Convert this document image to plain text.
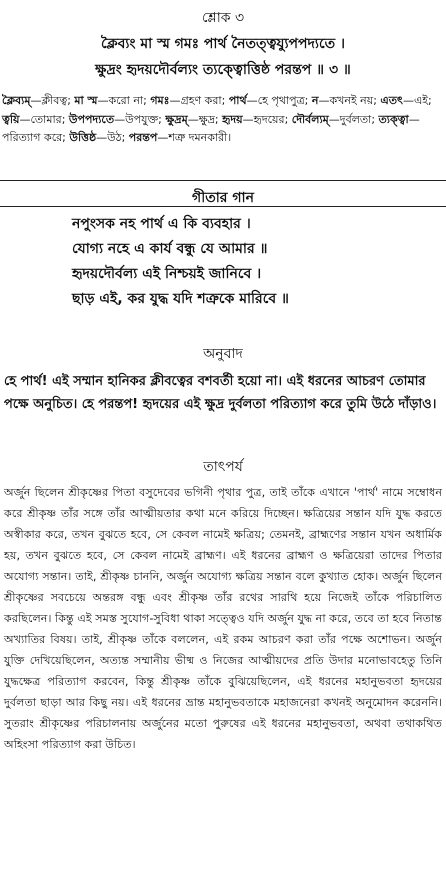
শ্লোক ৩
ক্লৈব্যং মা স্ম গমঃ পার্থ নৈতত্ত্বয্যুপপদ্যতে ।
ক্ষুদ্রং হৃদয়দৌর্বল্যং ত্যক্ত্বোত্তিষ্ঠ পরন্তপ ॥ ৩ ॥
ক্লৈব্যম্—ক্লীবত্ব; মা স্ম—করো না; গমঃ—গ্রহণ করা; পার্থ—হে পৃথাপুত্র; ন—কখনই নয়; এতৎ—এই; ত্বয়ি—তোমার; উপপদ্যতে—উপযুক্ত; ক্ষুদ্রম্—ক্ষুদ্র; হৃদয়—হৃদয়ের; দৌর্বল্যম্—দুর্বলতা; ত্যক্ত্বা—পরিত্যাগ করে; উত্তিষ্ঠ—উঠ; পরন্তপ—শত্রু দমনকারী।
গীতার গান
নপুংসক নহ পার্থ এ কি ব্যবহার ।
যোগ্য নহে এ কার্য বন্ধু যে আমার ॥
হৃদয়দৌর্বল্য এই নিশ্চয়ই জানিবে ।
ছাড় এই, কর যুদ্ধ যদি শত্রুকে মারিবে ॥
অনুবাদ
হে পার্থ! এই সম্মান হানিকর ক্লীবত্বের বশবর্তী হয়ো না। এই ধরনের আচরণ তোমার পক্ষে অনুচিত। হে পরন্তপ! হৃদয়ের এই ক্ষুদ্র দুর্বলতা পরিত্যাগ করে তুমি উঠে দাঁড়াও।
তাৎপর্য
অর্জুন ছিলেন শ্রীকৃষ্ণের পিতা বসুদেবের ভগিনী পৃথার পুত্র, তাই তাঁকে এখানে 'পার্থ' নামে সম্বোধন করে শ্রীকৃষ্ণ তাঁর সঙ্গে তাঁর আত্মীয়তার কথা মনে করিয়ে দিচ্ছেন। ক্ষত্রিয়ের সন্তান যদি যুদ্ধ করতে অস্বীকার করে, তখন বুঝতে হবে, সে কেবল নামেই ক্ষত্রিয়; তেমনই, ব্রাহ্মণের সন্তান যখন অধার্মিক হয়, তখন বুঝতে হবে, সে কেবল নামেই ব্রাহ্মণ। এই ধরনের ব্রাহ্মণ ও ক্ষত্রিয়েরা তাদের পিতার অযোগ্য সন্তান। তাই, শ্রীকৃষ্ণ চাননি, অর্জুন অযোগ্য ক্ষত্রিয় সন্তান বলে কুখ্যাত হোক। অর্জুন ছিলেন শ্রীকৃষ্ণের সবচেয়ে অন্তরঙ্গ বন্ধু এবং শ্রীকৃষ্ণ তাঁর রথের সারথি হয়ে নিজেই তাঁকে পরিচালিত করছিলেন। কিন্তু এই সমস্ত সুযোগ-সুবিধা থাকা সত্ত্বেও যদি অর্জুন যুদ্ধ না করে, তবে তা হবে নিতান্ত অখ্যাতির বিষয়। তাই, শ্রীকৃষ্ণ তাঁকে বললেন, এই রকম আচরণ করা তাঁর পক্ষে অশোভন। অর্জুন যুক্তি দেখিয়েছিলেন, অত্যন্ত সম্মানীয় ভীষ্ম ও নিজের আত্মীয়দের প্রতি উদার মনোভাবহেতু তিনি যুদ্ধক্ষেত্র পরিত্যাগ করবেন, কিন্তু শ্রীকৃষ্ণ তাঁকে বুঝিয়েছিলেন, এই ধরনের মহানুভবতা হৃদয়ের দুর্বলতা ছাড়া আর কিছু নয়। এই ধরনের ভ্রান্ত মহানুভবতাকে মহাজনেরা কখনই অনুমোদন করেননি। সুতরাং শ্রীকৃষ্ণের পরিচালনায় অর্জুনের মতো পুরুষের এই ধরনের মহানুভবতা, অথবা তথাকথিত অহিংসা পরিত্যাগ করা উচিত।
